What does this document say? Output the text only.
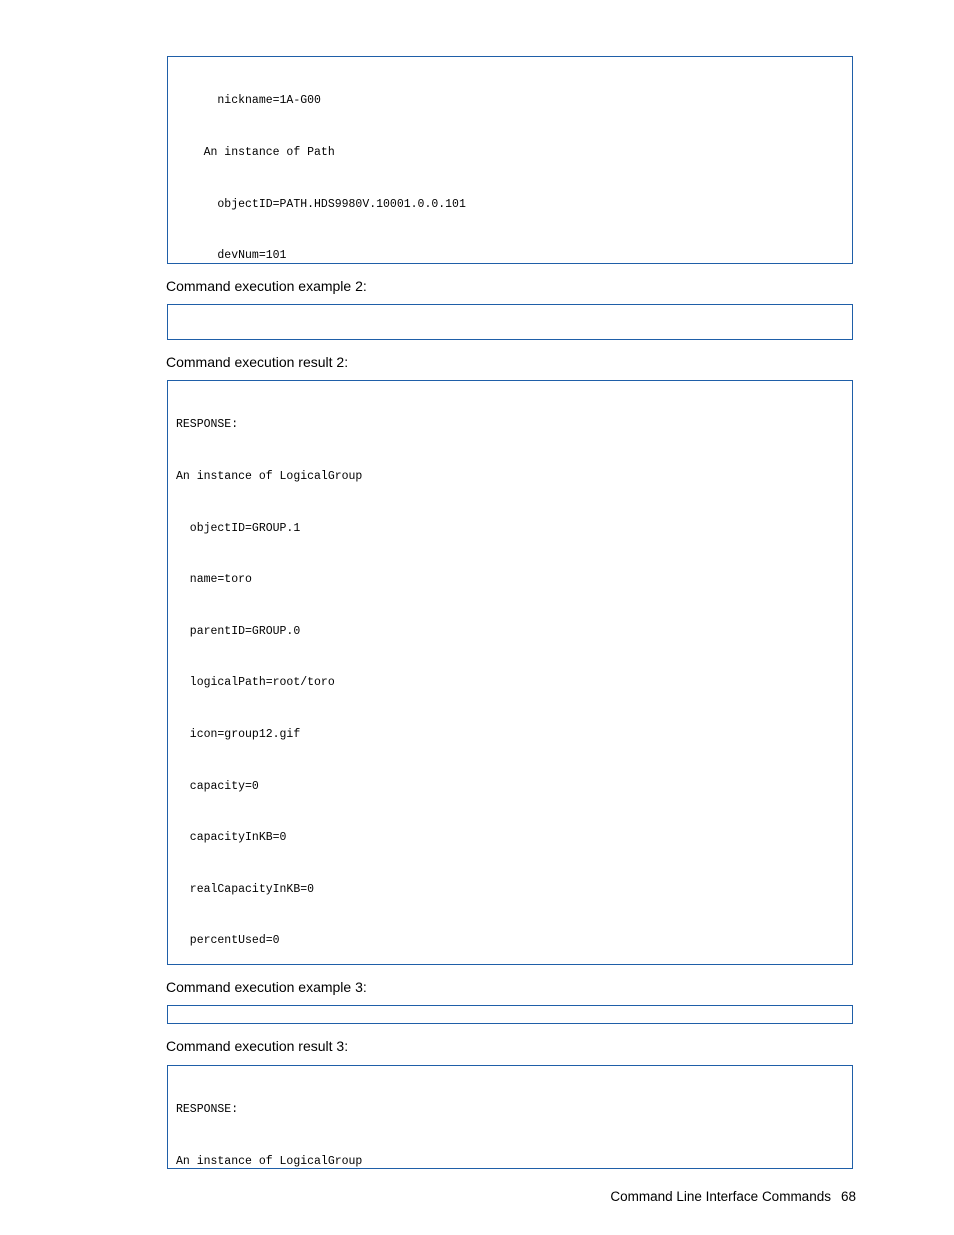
nickname=1A-G00

An instance of Path

objectID=PATH.HDS9980V.10001.0.0.101

devNum=101

Command execution example 2:

Command execution result 2:

RESPONSE:

An instance of LogicalGroup

objectID=GROUP.1

name=toro

parentID=GROUP.0

logicalPath=root/toro

icon=group12.gif

capacity=0

capacityInKB=0

realCapacityInKB=0

percentUsed=0

Command execution example 3:

Command execution result 3:

RESPONSE:

An instance of LogicalGroup

Command Line Interface Commands 68
